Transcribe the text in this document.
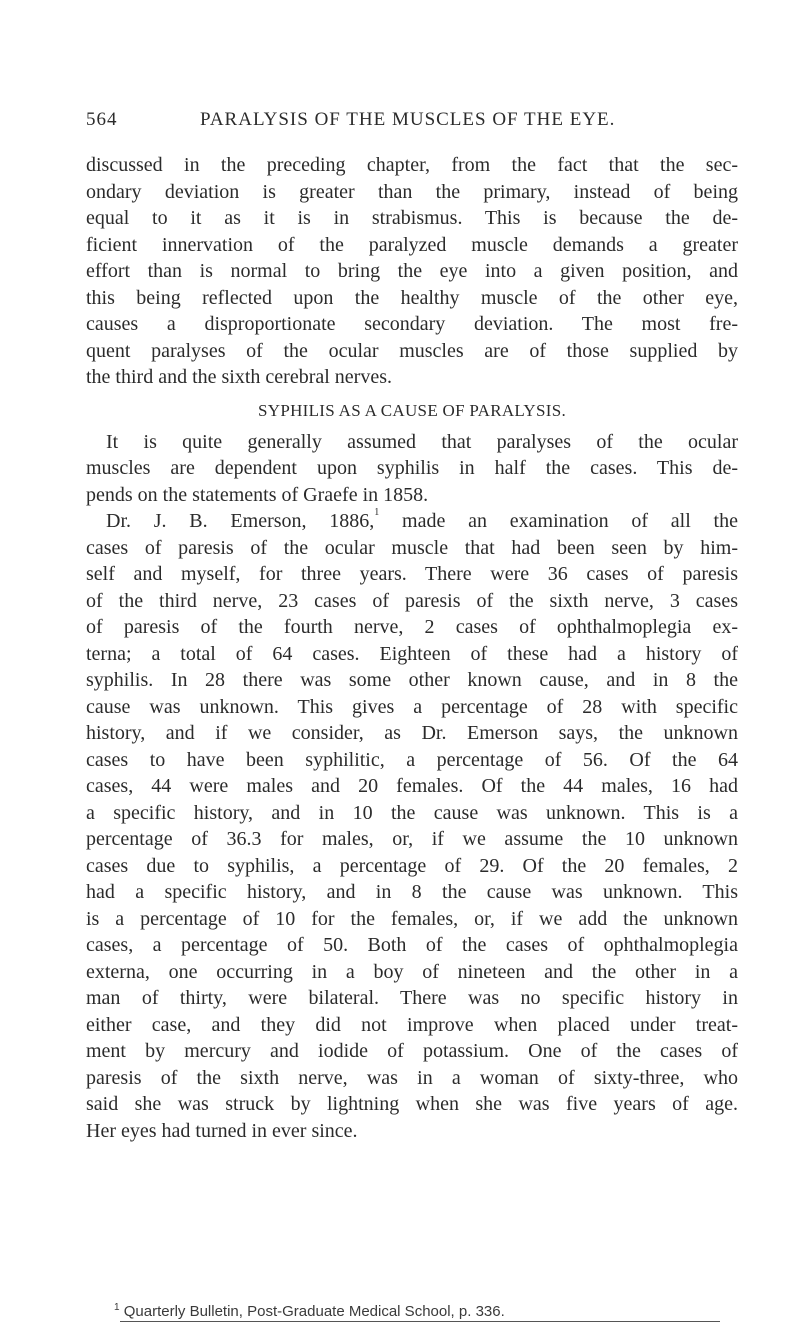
564	PARALYSIS OF THE MUSCLES OF THE EYE.
discussed in the preceding chapter, from the fact that the sec-
ondary deviation is greater than the primary, instead of being
equal to it as it is in strabismus. This is because the de-
ficient innervation of the paralyzed muscle demands a greater
effort than is normal to bring the eye into a given position, and
this being reflected upon the healthy muscle of the other eye,
causes a disproportionate secondary deviation. The most fre-
quent paralyses of the ocular muscles are of those supplied by
the third and the sixth cerebral nerves.
SYPHILIS AS A CAUSE OF PARALYSIS.
It is quite generally assumed that paralyses of the ocular
muscles are dependent upon syphilis in half the cases. This de-
pends on the statements of Graefe in 1858.
Dr. J. B. Emerson, 1886,$^1$ made an examination of all the
cases of paresis of the ocular muscle that had been seen by him-
self and myself, for three years. There were 36 cases of paresis
of the third nerve, 23 cases of paresis of the sixth nerve, 3 cases
of paresis of the fourth nerve, 2 cases of ophthalmoplegia ex-
terna; a total of 64 cases. Eighteen of these had a history of
syphilis. In 28 there was some other known cause, and in 8 the
cause was unknown. This gives a percentage of 28 with specific
history, and if we consider, as Dr. Emerson says, the unknown
cases to have been syphilitic, a percentage of 56. Of the 64
cases, 44 were males and 20 females. Of the 44 males, 16 had
a specific history, and in 10 the cause was unknown. This is a
percentage of 36.3 for males, or, if we assume the 10 unknown
cases due to syphilis, a percentage of 29. Of the 20 females, 2
had a specific history, and in 8 the cause was unknown. This
is a percentage of 10 for the females, or, if we add the unknown
cases, a percentage of 50. Both of the cases of ophthalmoplegia
externa, one occurring in a boy of nineteen and the other in a
man of thirty, were bilateral. There was no specific history in
either case, and they did not improve when placed under treat-
ment by mercury and iodide of potassium. One of the cases of
paresis of the sixth nerve, was in a woman of sixty-three, who
said she was struck by lightning when she was five years of age.
Her eyes had turned in ever since.
$^1$ Quarterly Bulletin, Post-Graduate Medical School, p. 336.
